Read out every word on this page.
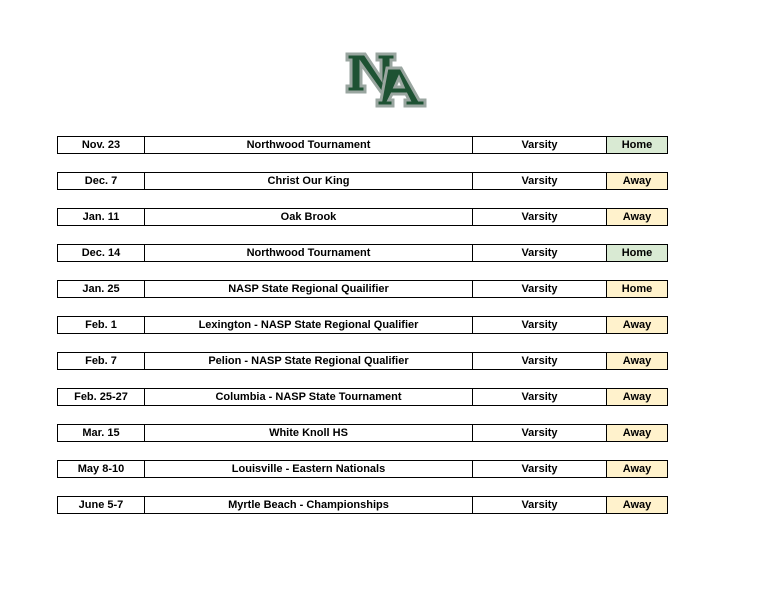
Nov. 23	Northwood Tournament	Varsity	Home
Dec. 7	Christ Our King	Varsity	Away
Jan. 11	Oak Brook	Varsity	Away
Dec. 14	Northwood Tournament	Varsity	Home
Jan. 25	NASP State Regional Quailifier	Varsity	Home
Feb. 1	Lexington - NASP State Regional Qualifier	Varsity	Away
Feb. 7	Pelion - NASP State Regional Qualifier	Varsity	Away
Feb. 25-27	Columbia - NASP State Tournament	Varsity	Away
Mar. 15	White Knoll HS	Varsity	Away
May 8-10	Louisville - Eastern Nationals	Varsity	Away
June 5-7	Myrtle Beach - Championships	Varsity	Away
